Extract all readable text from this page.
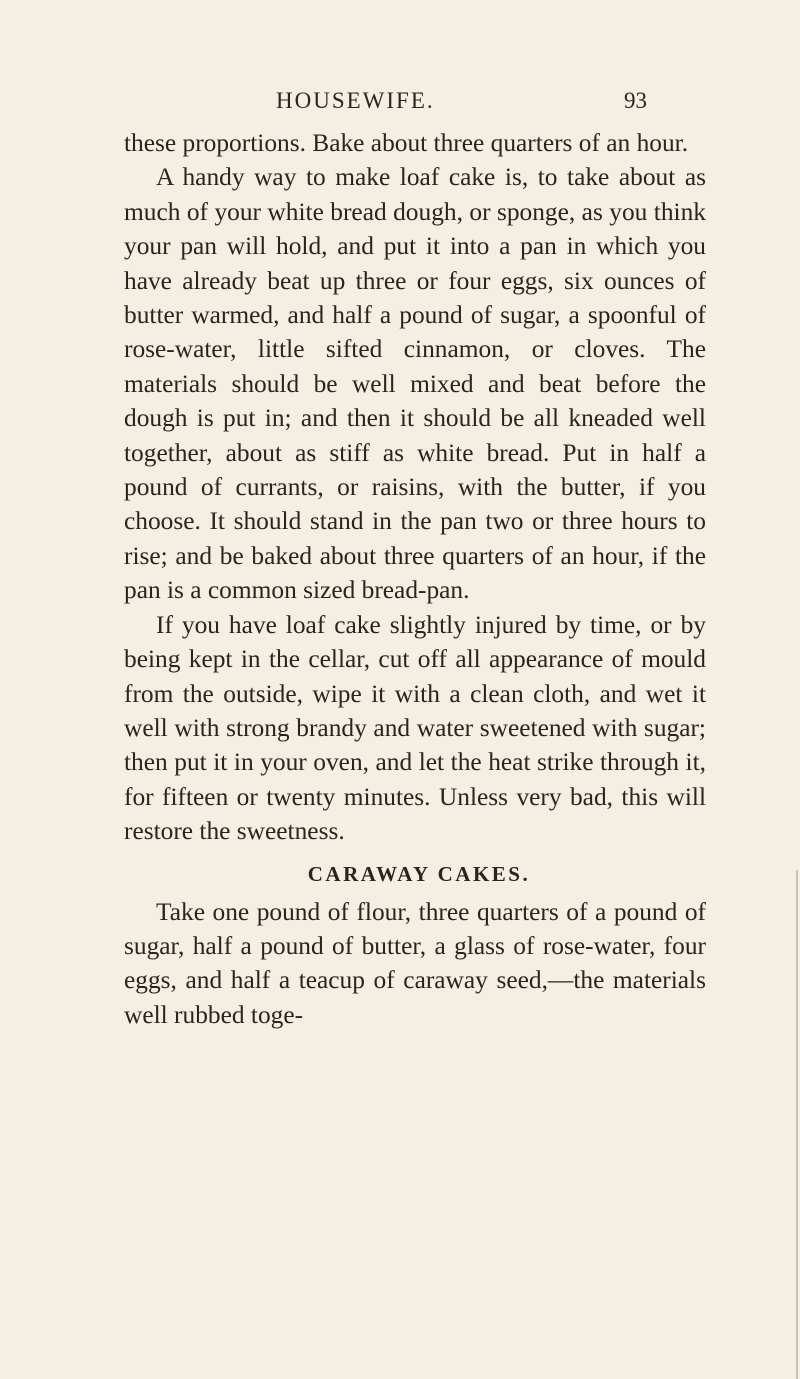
HOUSEWIFE.	93

these proportions. Bake about three quarters of an hour.

A handy way to make loaf cake is, to take about as much of your white bread dough, or sponge, as you think your pan will hold, and put it into a pan in which you have already beat up three or four eggs, six ounces of butter warmed, and half a pound of sugar, a spoonful of rose-water, little sifted cinnamon, or cloves. The materials should be well mixed and beat before the dough is put in; and then it should be all kneaded well together, about as stiff as white bread. Put in half a pound of currants, or raisins, with the butter, if you choose. It should stand in the pan two or three hours to rise; and be baked about three quarters of an hour, if the pan is a common sized bread-pan.

If you have loaf cake slightly injured by time, or by being kept in the cellar, cut off all appearance of mould from the outside, wipe it with a clean cloth, and wet it well with strong brandy and water sweetened with sugar; then put it in your oven, and let the heat strike through it, for fifteen or twenty minutes. Unless very bad, this will restore the sweetness.

CARAWAY CAKES.

Take one pound of flour, three quarters of a pound of sugar, half a pound of butter, a glass of rose-water, four eggs, and half a teacup of caraway seed,—the materials well rubbed toge-
